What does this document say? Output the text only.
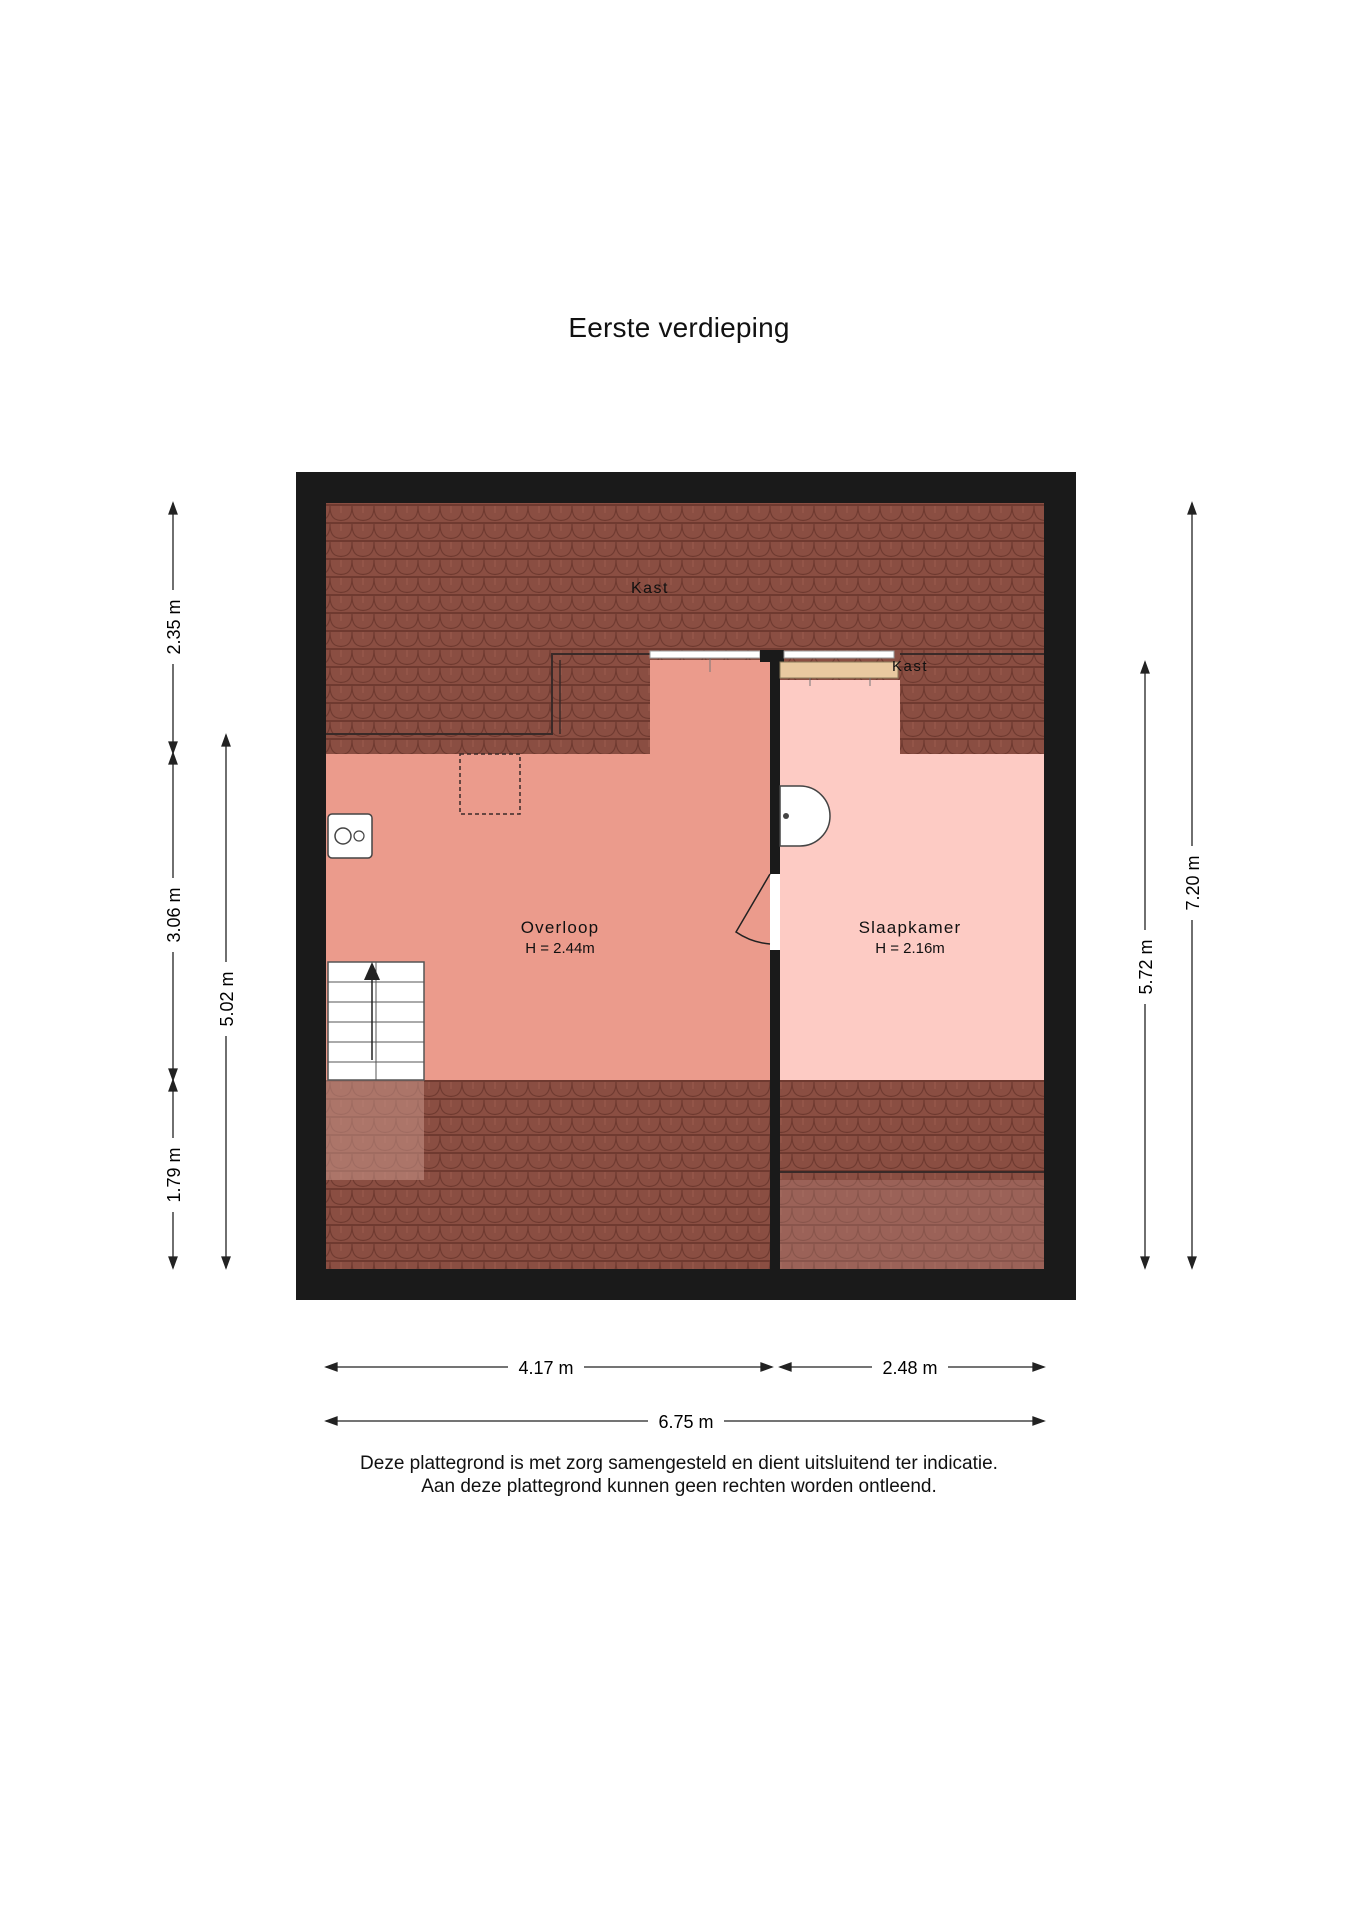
Eerste verdieping
2.35 m
3.06 m
1.79 m
5.02 m
5.72 m
7.20 m
4.17 m	2.48 m
6.75 m
Kast
Kast
Overloop
H = 2.44m
Slaapkamer
H = 2.16m
Deze plattegrond is met zorg samengesteld en dient uitsluitend ter indicatie.
Aan deze plattegrond kunnen geen rechten worden ontleend.
